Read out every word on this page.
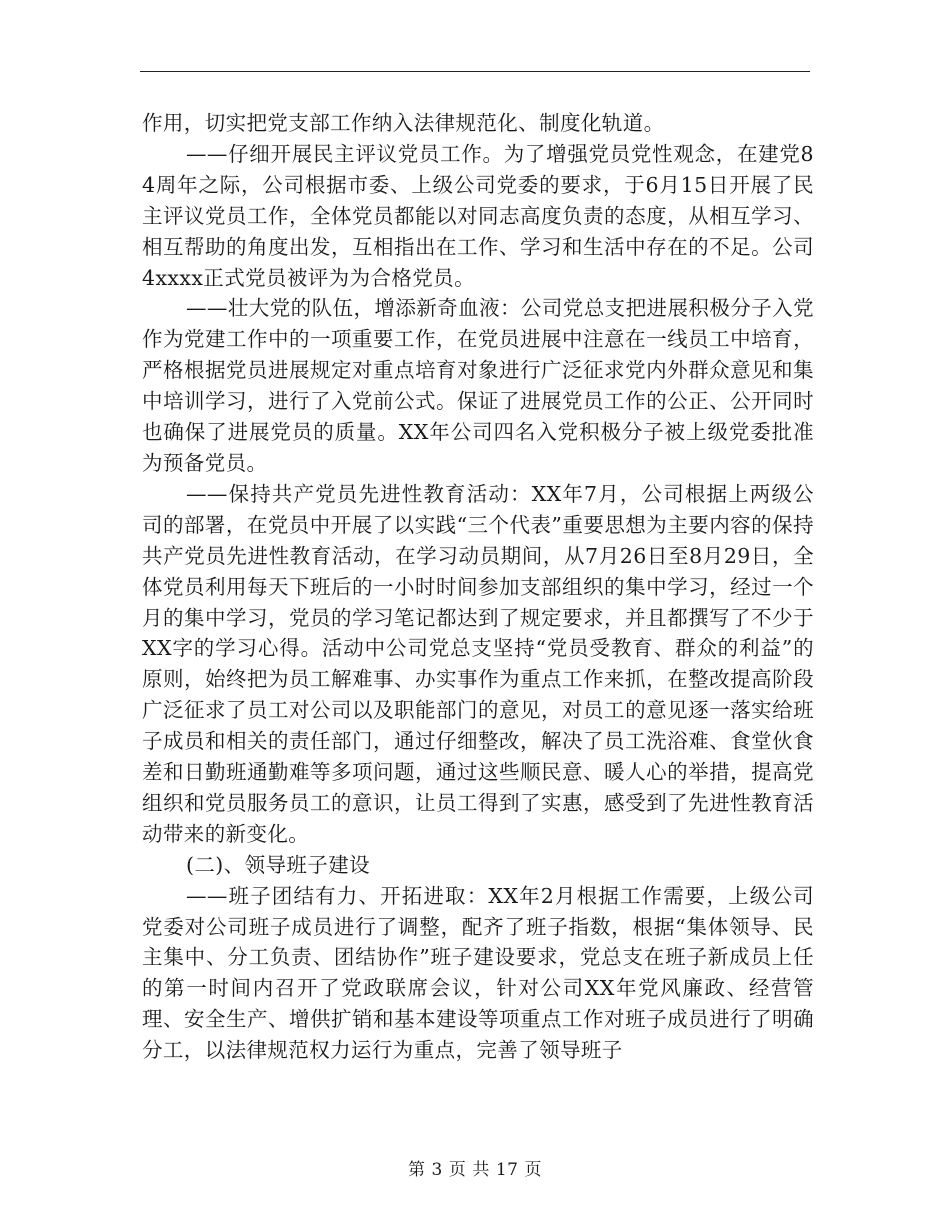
作用，切实把党支部工作纳入法律规范化、制度化轨道。

——仔细开展民主评议党员工作。为了增强党员党性观念，在建党84周年之际，公司根据市委、上级公司党委的要求，于6月15日开展了民主评议党员工作，全体党员都能以对同志高度负责的态度，从相互学习、相互帮助的角度出发，互相指出在工作、学习和生活中存在的不足。公司4xxxx正式党员被评为为合格党员。

——壮大党的队伍，增添新奇血液：公司党总支把进展积极分子入党作为党建工作中的一项重要工作，在党员进展中注意在一线员工中培育，严格根据党员进展规定对重点培育对象进行广泛征求党内外群众意见和集中培训学习，进行了入党前公式。保证了进展党员工作的公正、公开同时也确保了进展党员的质量。XX年公司四名入党积极分子被上级党委批准为预备党员。

——保持共产党员先进性教育活动：XX年7月，公司根据上两级公司的部署，在党员中开展了以实践“三个代表”重要思想为主要内容的保持共产党员先进性教育活动，在学习动员期间，从7月26日至8月29日，全体党员利用每天下班后的一小时时间参加支部组织的集中学习，经过一个月的集中学习，党员的学习笔记都达到了规定要求，并且都撰写了不少于XX字的学习心得。活动中公司党总支坚持“党员受教育、群众的利益”的原则，始终把为员工解难事、办实事作为重点工作来抓，在整改提高阶段广泛征求了员工对公司以及职能部门的意见，对员工的意见逐一落实给班子成员和相关的责任部门，通过仔细整改，解决了员工洗浴难、食堂伙食差和日勤班通勤难等多项问题，通过这些顺民意、暖人心的举措，提高党组织和党员服务员工的意识，让员工得到了实惠，感受到了先进性教育活动带来的新变化。

(二)、领导班子建设

——班子团结有力、开拓进取：XX年2月根据工作需要，上级公司党委对公司班子成员进行了调整，配齐了班子指数，根据“集体领导、民主集中、分工负责、团结协作”班子建设要求，党总支在班子新成员上任的第一时间内召开了党政联席会议，针对公司XX年党风廉政、经营管理、安全生产、增供扩销和基本建设等项重点工作对班子成员进行了明确分工，以法律规范权力运行为重点，完善了领导班子

第 3 页 共 17 页
